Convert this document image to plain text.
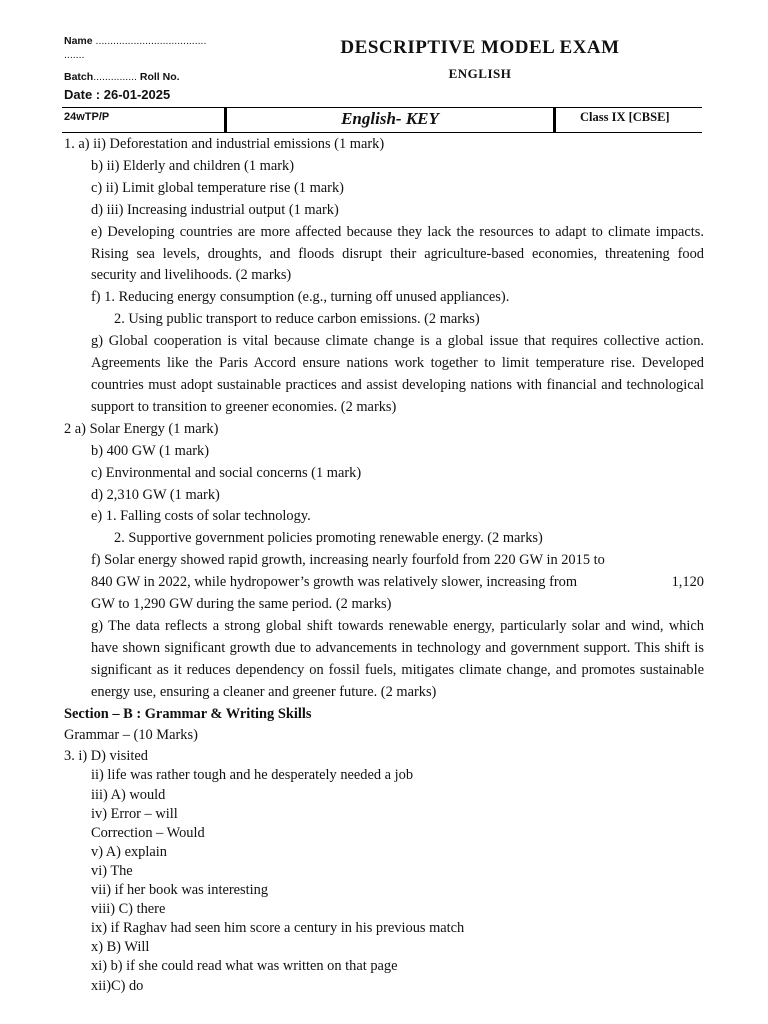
Name ......................................
.......
Batch............... Roll No.
Date : 26-01-2025
DESCRIPTIVE MODEL EXAM
ENGLISH
24wTP/P	English- KEY	Class IX [CBSE]
1. a) ii) Deforestation and industrial emissions (1 mark)
b) ii) Elderly and children (1 mark)
c) ii) Limit global temperature rise (1 mark)
d) iii) Increasing industrial output (1 mark)
e) Developing countries are more affected because they lack the resources to adapt to climate impacts. Rising sea levels, droughts, and floods disrupt their agriculture-based economies, threatening food security and livelihoods. (2 marks)
f) 1. Reducing energy consumption (e.g., turning off unused appliances).
2. Using public transport to reduce carbon emissions. (2 marks)
g) Global cooperation is vital because climate change is a global issue that requires collective action. Agreements like the Paris Accord ensure nations work together to limit temperature rise. Developed countries must adopt sustainable practices and assist developing nations with financial and technological support to transition to greener economies. (2 marks)
2 a) Solar Energy (1 mark)
b) 400 GW (1 mark)
c) Environmental and social concerns (1 mark)
d) 2,310 GW (1 mark)
e) 1. Falling costs of solar technology.
2. Supportive government policies promoting renewable energy. (2 marks)
f) Solar energy showed rapid growth, increasing nearly fourfold from 220 GW in 2015 to
840 GW in 2022, while hydropower’s growth was relatively slower, increasing from	1,120
GW to 1,290 GW during the same period. (2 marks)
g) The data reflects a strong global shift towards renewable energy, particularly solar and wind, which have shown significant growth due to advancements in technology and government support. This shift is significant as it reduces dependency on fossil fuels, mitigates climate change, and promotes sustainable energy use, ensuring a cleaner and greener future. (2 marks)
Section – B : Grammar & Writing Skills
Grammar – (10 Marks)
3. i) D) visited
ii) life was rather tough and he desperately needed a job
iii) A) would
iv) Error – will
Correction – Would
v) A) explain
vi) The
vii) if her book was interesting
viii) C) there
ix) if Raghav had seen him score a century in his previous match
x) B) Will
xi) b) if she could read what was written on that page
xii)C) do
